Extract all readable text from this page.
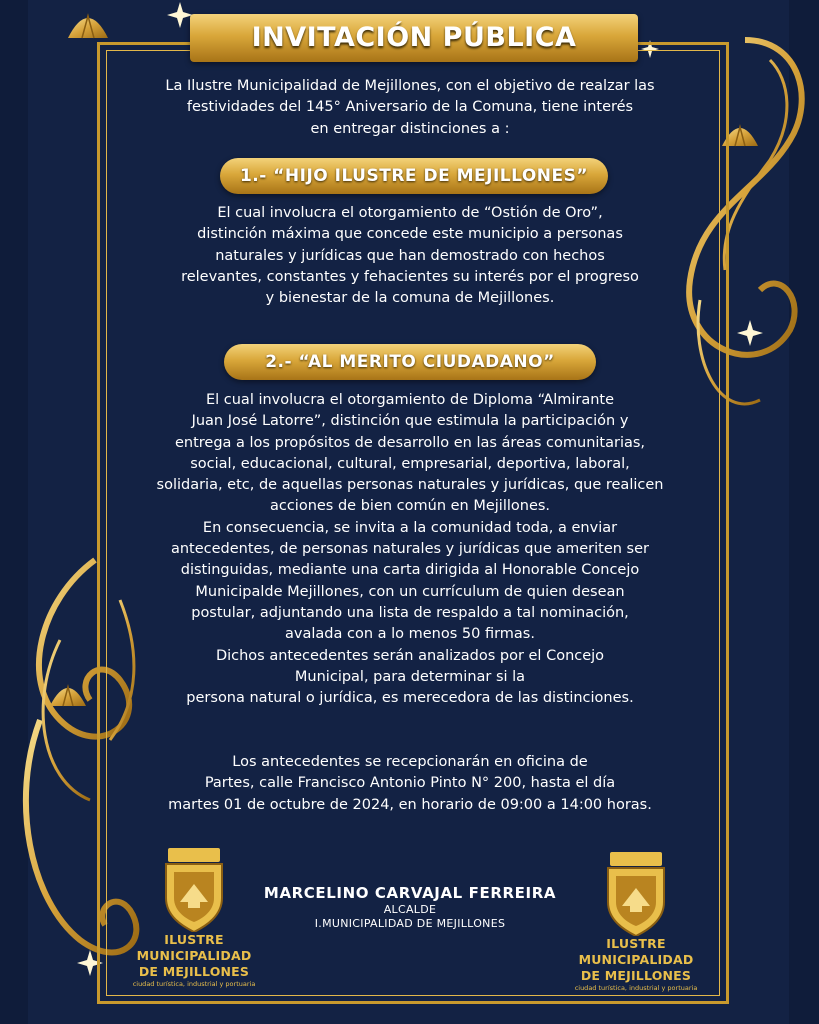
INVITACIÓN PÚBLICA

La Ilustre Municipalidad de Mejillones, con el objetivo de realzar las

festividades del 145° Aniversario de la Comuna, tiene interés

en entregar distinciones a :

1.- “HIJO ILUSTRE DE MEJILLONES”

El cual involucra el otorgamiento de “Ostión de Oro”,

distinción máxima que concede este municipio a personas

naturales y jurídicas que han demostrado con hechos

relevantes, constantes y fehacientes su interés por el progreso

y bienestar de la comuna de Mejillones.

2.- “AL MERITO CIUDADANO”

El cual involucra el otorgamiento de Diploma “Almirante

Juan José Latorre”, distinción que estimula la participación y

entrega a los propósitos de desarrollo en las áreas comunitarias,

social, educacional, cultural, empresarial, deportiva, laboral,

solidaria, etc, de aquellas personas naturales y jurídicas, que realicen

acciones de bien común en Mejillones.

En consecuencia, se invita a la comunidad toda, a enviar

antecedentes, de personas naturales y jurídicas que ameriten ser

distinguidas, mediante una carta dirigida al Honorable Concejo

Municipalde Mejillones, con un currículum de quien desean

postular, adjuntando una lista de respaldo a tal nominación,

avalada con a lo menos 50 firmas.

Dichos antecedentes serán analizados por el Concejo

Municipal, para determinar si la

persona natural o jurídica, es merecedora de las distinciones.

Los antecedentes se recepcionarán en oficina de

Partes, calle Francisco Antonio Pinto N° 200, hasta el día

martes 01 de octubre de 2024, en horario de 09:00 a 14:00 horas.

ILUSTRE MUNICIPALIDAD
DE MEJILLONES
ciudad turística, industrial y portuaria
MARCELINO CARVAJAL FERREIRA
ALCALDE
I.MUNICIPALIDAD DE MEJILLONES
ILUSTRE MUNICIPALIDAD
DE MEJILLONES
ciudad turística, industrial y portuaria
